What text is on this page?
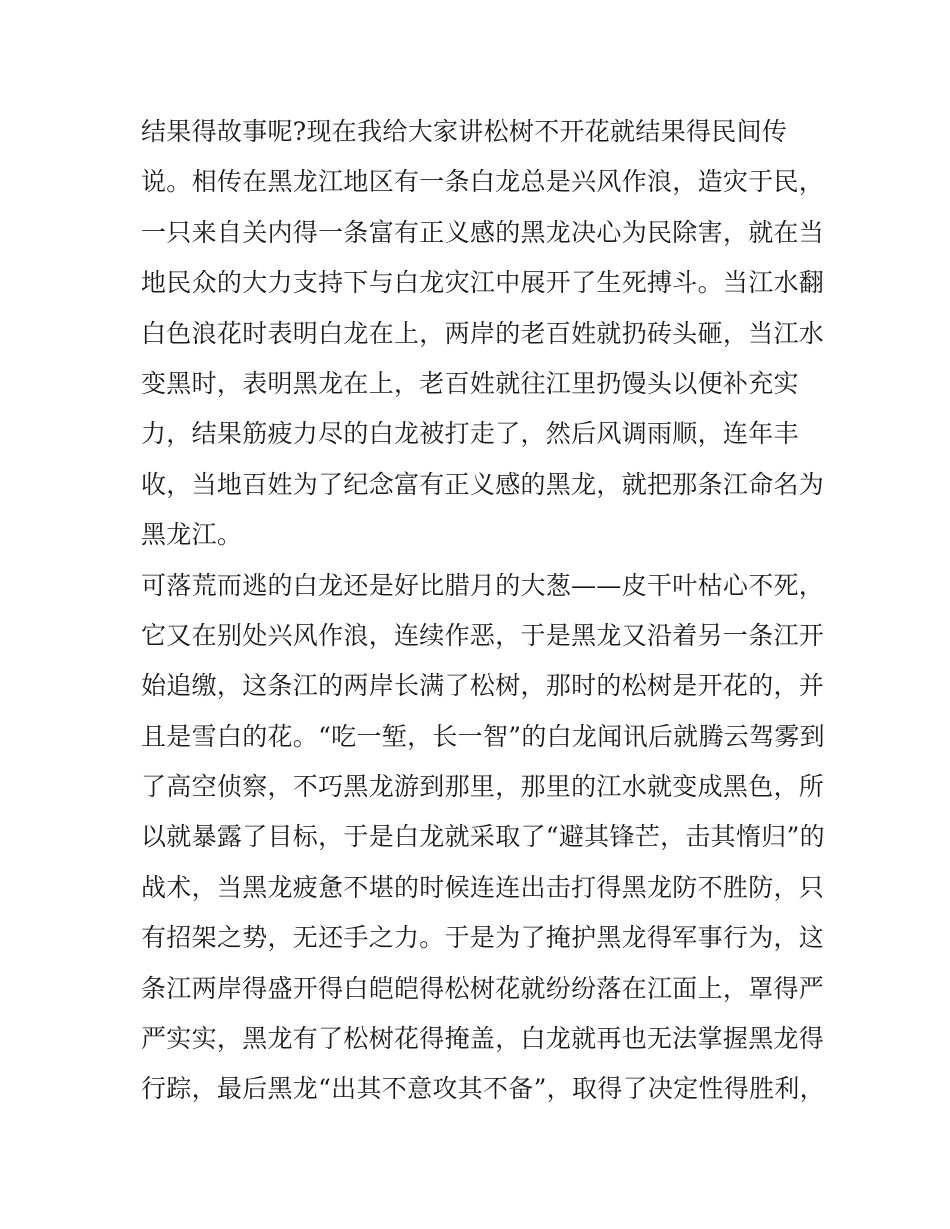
结果得故事呢?现在我给大家讲松树不开花就结果得民间传
说。相传在黑龙江地区有一条白龙总是兴风作浪，造灾于民，
一只来自关内得一条富有正义感的黑龙决心为民除害，就在当
地民众的大力支持下与白龙灾江中展开了生死搏斗。当江水翻
白色浪花时表明白龙在上，两岸的老百姓就扔砖头砸，当江水
变黑时，表明黑龙在上，老百姓就往江里扔馒头以便补充实
力，结果筋疲力尽的白龙被打走了，然后风调雨顺，连年丰
收，当地百姓为了纪念富有正义感的黑龙，就把那条江命名为
黑龙江。
可落荒而逃的白龙还是好比腊月的大葱——皮干叶枯心不死，
它又在别处兴风作浪，连续作恶，于是黑龙又沿着另一条江开
始追缴，这条江的两岸长满了松树，那时的松树是开花的，并
且是雪白的花。“吃一堑，长一智”的白龙闻讯后就腾云驾雾到
了高空侦察，不巧黑龙游到那里，那里的江水就变成黑色，所
以就暴露了目标，于是白龙就采取了“避其锋芒，击其惰归”的
战术，当黑龙疲惫不堪的时候连连出击打得黑龙防不胜防，只
有招架之势，无还手之力。于是为了掩护黑龙得军事行为，这
条江两岸得盛开得白皑皑得松树花就纷纷落在江面上，罩得严
严实实，黑龙有了松树花得掩盖，白龙就再也无法掌握黑龙得
行踪，最后黑龙“出其不意攻其不备”，取得了决定性得胜利，
